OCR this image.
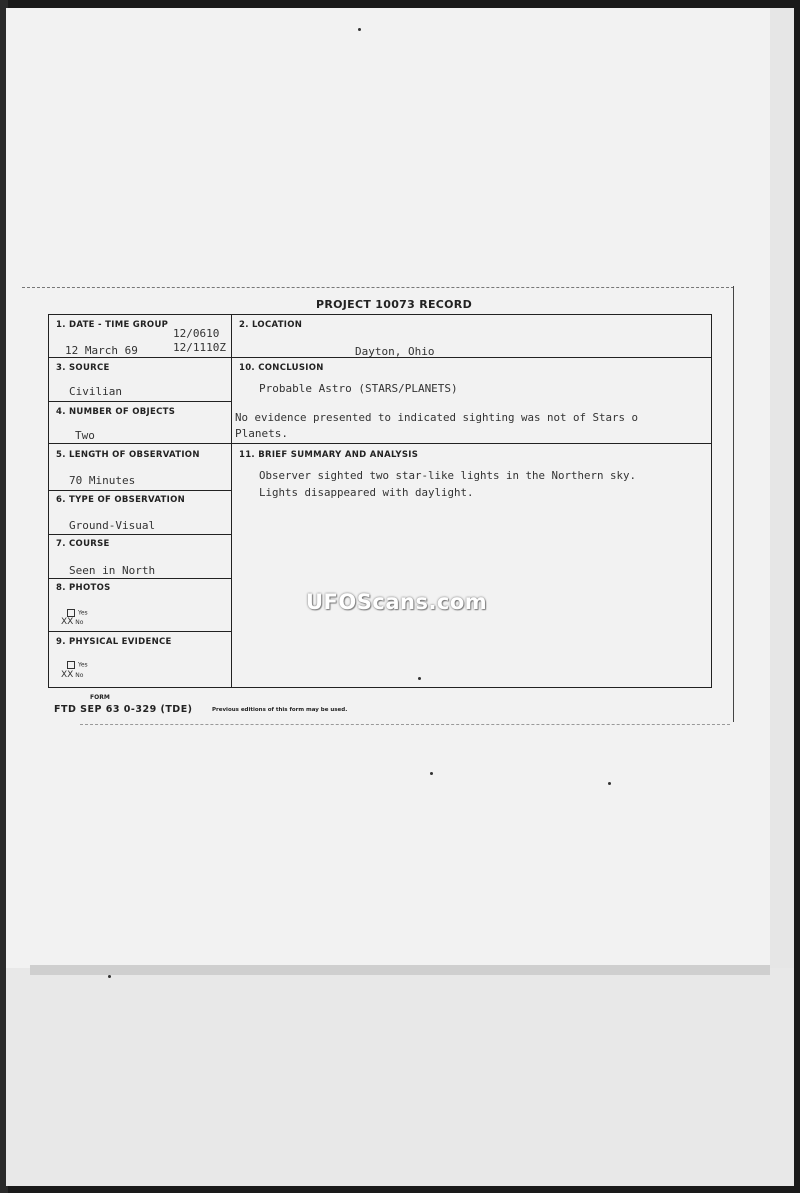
PROJECT 10073 RECORD
1. DATE - TIME GROUP
12/0610
12 March 69	12/1110Z
2. LOCATION
Dayton, Ohio
3. SOURCE
Civilian
4. NUMBER OF OBJECTS
Two
5. LENGTH OF OBSERVATION
70 Minutes
6. TYPE OF OBSERVATION
Ground-Visual
7. COURSE
Seen in North
8. PHOTOS
Yes
XX No
9. PHYSICAL EVIDENCE
Yes
XX No
10. CONCLUSION
Probable Astro (STARS/PLANETS)
No evidence presented to indicated sighting was not of Stars o
Planets.
11. BRIEF SUMMARY AND ANALYSIS
Observer sighted two star-like lights in the Northern sky.
Lights disappeared with daylight.
UFOScans.com
FORM
FTD SEP 63 0-329 (TDE)	Previous editions of this form may be used.
